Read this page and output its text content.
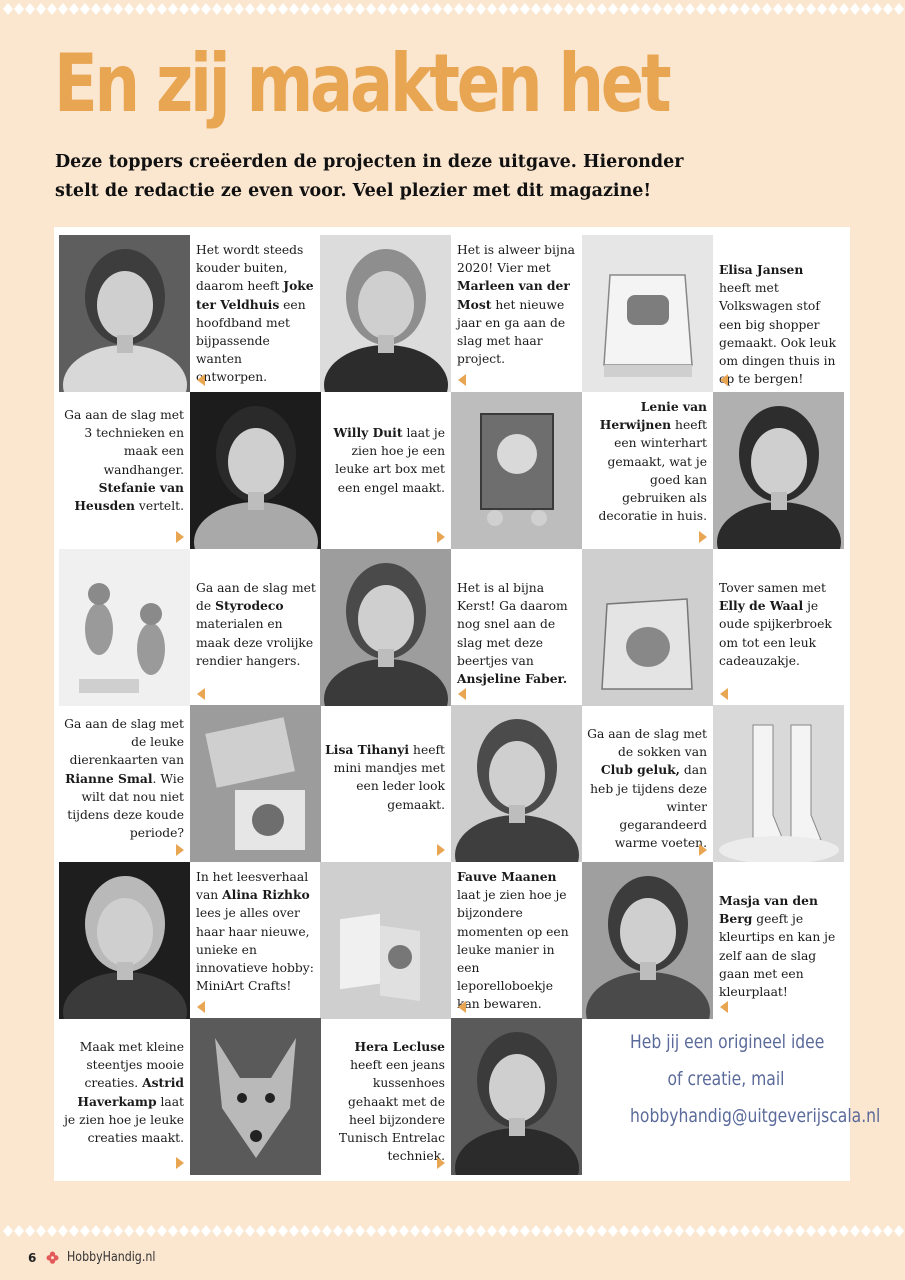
En zij maakten het
Deze toppers creëerden de projecten in deze uitgave. Hieronder stelt de redactie ze even voor. Veel plezier met dit magazine!
Heb jij een origineel idee
of creatie, mail
hobbyhandig@uitgeverijscala.nl
Het wordt steeds kouder buiten, daarom heeft Joke ter Veldhuis een hoofdband met bijpassende wanten ontworpen.
Het is alweer bijna 2020! Vier met Marleen van der Most het nieuwe jaar en ga aan de slag met haar project.
Elisa Jansen heeft met Volkswagen stof een big shopper gemaakt. Ook leuk om dingen thuis in op te bergen!
Ga aan de slag met 3 technieken en maak een wandhanger. Stefanie van Heusden vertelt.
Willy Duit laat je zien hoe je een leuke art box met een engel maakt.
Lenie van Herwijnen heeft een winterhart gemaakt, wat je goed kan gebruiken als decoratie in huis.
Ga aan de slag met de Styrodeco materialen en maak deze vrolijke rendier hangers.
Het is al bijna Kerst! Ga daarom nog snel aan de slag met deze beertjes van Ansjeline Faber.
Tover samen met Elly de Waal je oude spijkerbroek om tot een leuk cadeauzakje.
Ga aan de slag met de leuke dierenkaarten van Rianne Smal. Wie wilt dat nou niet tijdens deze koude periode?
Lisa Tihanyi heeft mini mandjes met een leder look gemaakt.
Ga aan de slag met de sokken van Club geluk, dan heb je tijdens deze winter gegarandeerd warme voeten.
In het leesverhaal van Alina Rizhko lees je alles over haar haar nieuwe, unieke en innovatieve hobby: MiniArt Crafts!
Fauve Maanen laat je zien hoe je bijzondere momenten op een leuke manier in een leporelloboekje kan bewaren.
Masja van den Berg geeft je kleurtips en kan je zelf aan de slag gaan met een kleurplaat!
Maak met kleine steentjes mooie creaties. Astrid Haverkamp laat je zien hoe je leuke creaties maakt.
Hera Lecluse heeft een jeans kussenhoes gehaakt met de heel bijzondere Tunisch Entrelac techniek.
6 HobbyHandig.nl
